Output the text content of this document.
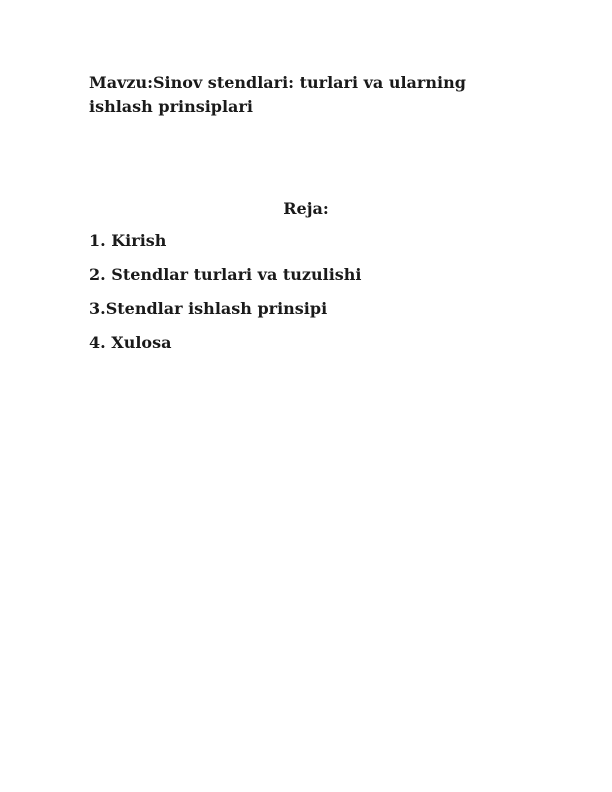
Mavzu:Sinov stendlari: turlari va ularning ishlash prinsiplari
Reja:
1. Kirish
2. Stendlar turlari va tuzulishi
3.Stendlar ishlash prinsipi
4. Xulosa
